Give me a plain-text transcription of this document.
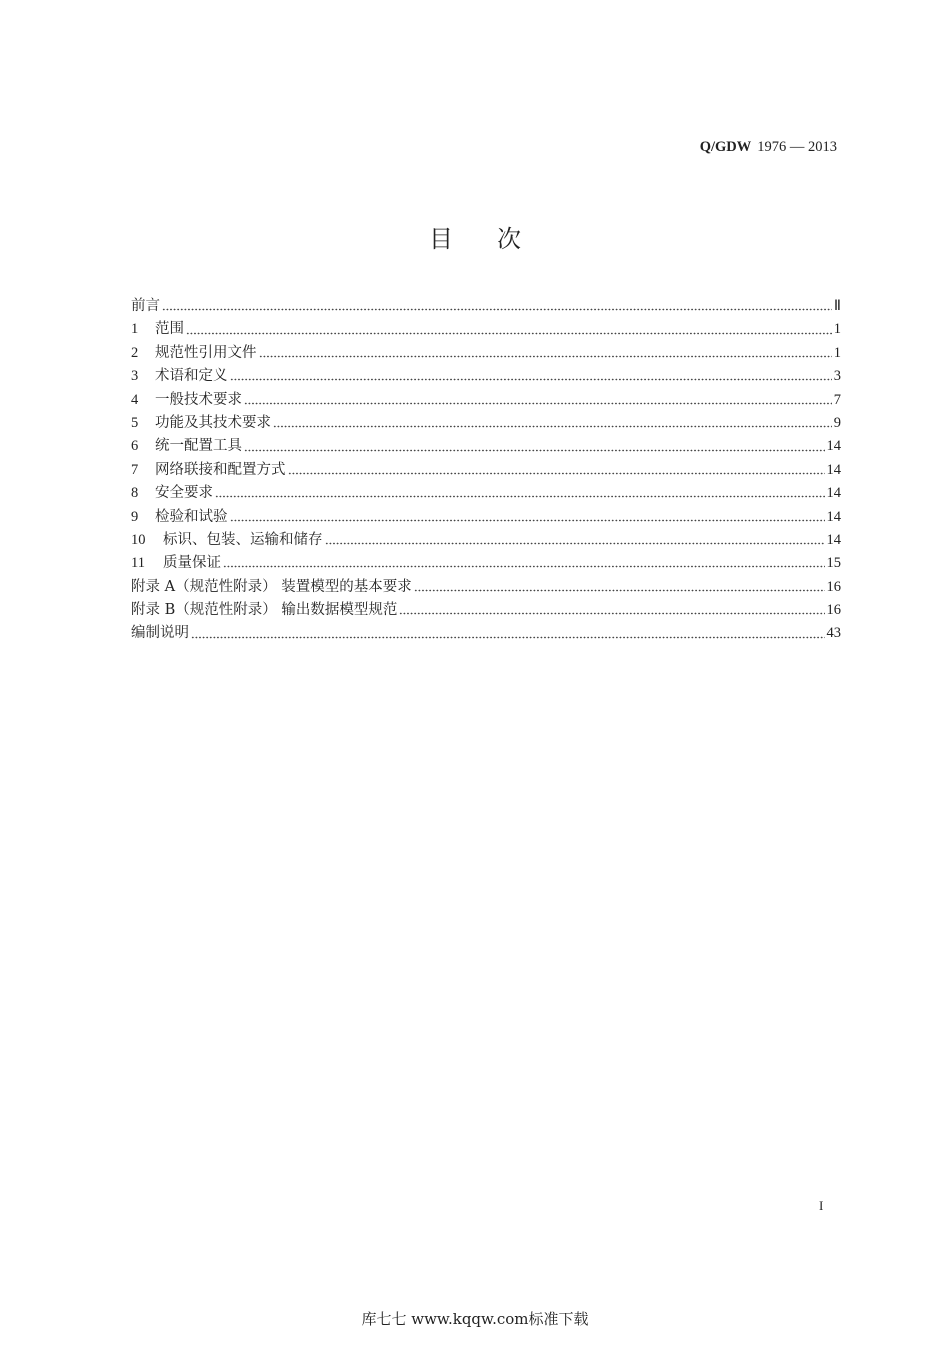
Q/GDW 1976 — 2013
目次
前言	Ⅱ
1	范围	1
2	规范性引用文件	1
3	术语和定义	3
4	一般技术要求	7
5	功能及其技术要求	9
6	统一配置工具	14
7	网络联接和配置方式	14
8	安全要求	14
9	检验和试验	14
10	标识、包装、运输和储存	14
11	质量保证	15
附录 A（规范性附录） 装置模型的基本要求	16
附录 B（规范性附录） 输出数据模型规范	16
编制说明	43
I
库七七 www.kqqw.com标准下载
